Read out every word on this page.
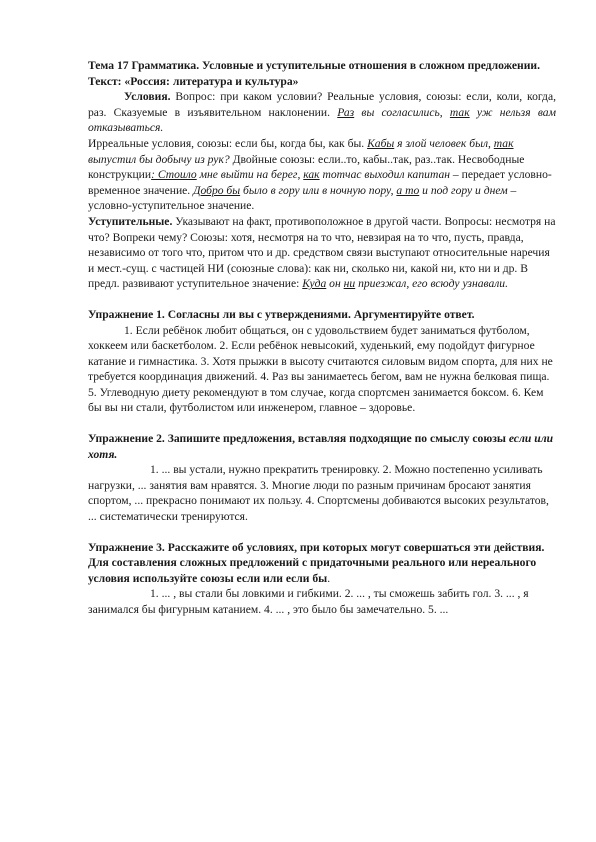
Тема 17 Грамматика. Условные и уступительные отношения в сложном предложении.

Текст: «Россия: литература и культура»

Условия. Вопрос: при каком условии? Реальные условия, союзы: если, коли, когда, раз. Сказуемые в изъявительном наклонении. Раз вы согласились, так уж нельзя вам отказываться.

Ирреальные условия, союзы: если бы, когда бы, как бы. Кабы я злой человек был, так выпустил бы добычу из рук? Двойные союзы: если..то, кабы..так, раз..так. Несвободные конструкции: Стоило мне выйти на берег, как тотчас выходил капитан – передает условно-временное значение. Добро бы было в гору или в ночную пору, а то и под гору и днем – условно-уступительное значение.

Уступительные. Указывают на факт, противоположное в другой части. Вопросы: несмотря на что? Вопреки чему? Союзы: хотя, несмотря на то что, невзирая на то что, пусть, правда, независимо от того что, притом что и др. средством связи выступают относительные наречия и мест.-сущ. с частицей НИ (союзные слова): как ни, сколько ни, какой ни, кто ни и др. В предл. развивают уступительное значение: Куда он ни приезжал, его всюду узнавали.

Упражнение 1. Согласны ли вы с утверждениями. Аргументируйте ответ.

1. Если ребёнок любит общаться, он с удовольствием будет заниматься футболом, хоккеем или баскетболом. 2. Если ребёнок невысокий, худенький, ему подойдут фигурное катание и гимнастика. 3. Хотя прыжки в высоту считаются силовым видом спорта, для них не требуется координация движений. 4. Раз вы занимаетесь бегом, вам не нужна белковая пища. 5. Углеводную диету рекомендуют в том случае, когда спортсмен занимается боксом. 6. Кем бы вы ни стали, футболистом или инженером, главное – здоровье.

Упражнение 2. Запишите предложения, вставляя подходящие по смыслу союзы если или хотя.

1. ... вы устали, нужно прекратить тренировку. 2. Можно постепенно усиливать нагрузки, ... занятия вам нравятся. 3. Многие люди по разным причинам бросают занятия спортом, ... прекрасно понимают их пользу. 4. Спортсмены добиваются высоких результатов, ... систематически тренируются.

Упражнение 3. Расскажите об условиях, при которых могут совершаться эти действия. Для составления сложных предложений с придаточными реального или нереального условия используйте союзы если или если бы.

1. ... , вы стали бы ловкими и гибкими. 2. ... , ты сможешь забить гол. 3. ... , я занимался бы фигурным катанием. 4. ... , это было бы замечательно. 5. ...
